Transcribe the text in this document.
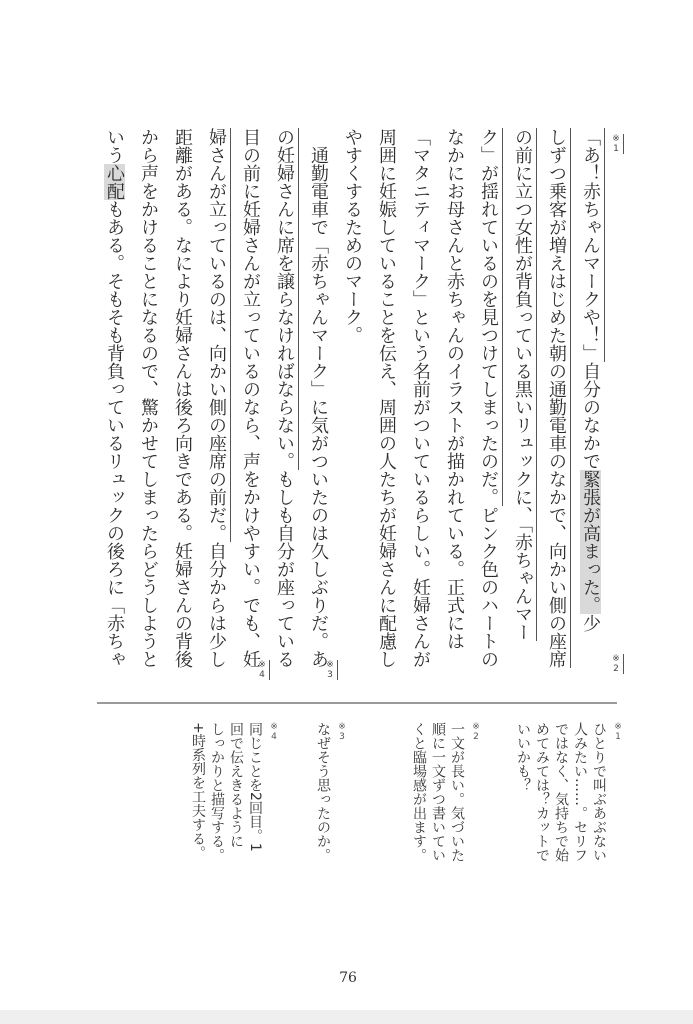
「あ！赤ちゃんマークや！」自分のなかで緊張が高まった。少
しずつ乗客が増えはじめた朝の通勤電車のなかで、向かい側の座席
の前に立つ女性が背負っている黒いリュックに、「赤ちゃんマー
ク」が揺れているのを見つけてしまったのだ。ピンク色のハートの
なかにお母さんと赤ちゃんのイラストが描かれている。正式には
「マタニティマーク」という名前がついているらしい。妊婦さんが
周囲に妊娠していることを伝え、周囲の人たちが妊婦さんに配慮し
やすくするためのマーク。
通勤電車で「赤ちゃんマーク」に気がついたのは久しぶりだ。あ
の妊婦さんに席を譲らなければならない。もしも自分が座っている
目の前に妊婦さんが立っているのなら、声をかけやすい。でも、妊
婦さんが立っているのは、向かい側の座席の前だ。自分からは少し
距離がある。なにより妊婦さんは後ろ向きである。妊婦さんの背後
から声をかけることになるので、驚かせてしまったらどうしようと
いう心配もある。そもそも背負っているリュックの後ろに「赤ちゃ
※1
※2
※3
※4
※1
ひとりで叫ぶあぶない
人みたい……。セリフ
ではなく、気持ちで始
めてみては？カットで
いいかも？
※2
一文が長い。気づいた
順に一文ずつ書いてい
くと臨場感が出ます。
※3
なぜそう思ったのか。
※4
同じことを2回目。1
回で伝えきるように
しっかりと描写する。
+時系列を工夫する。
76
